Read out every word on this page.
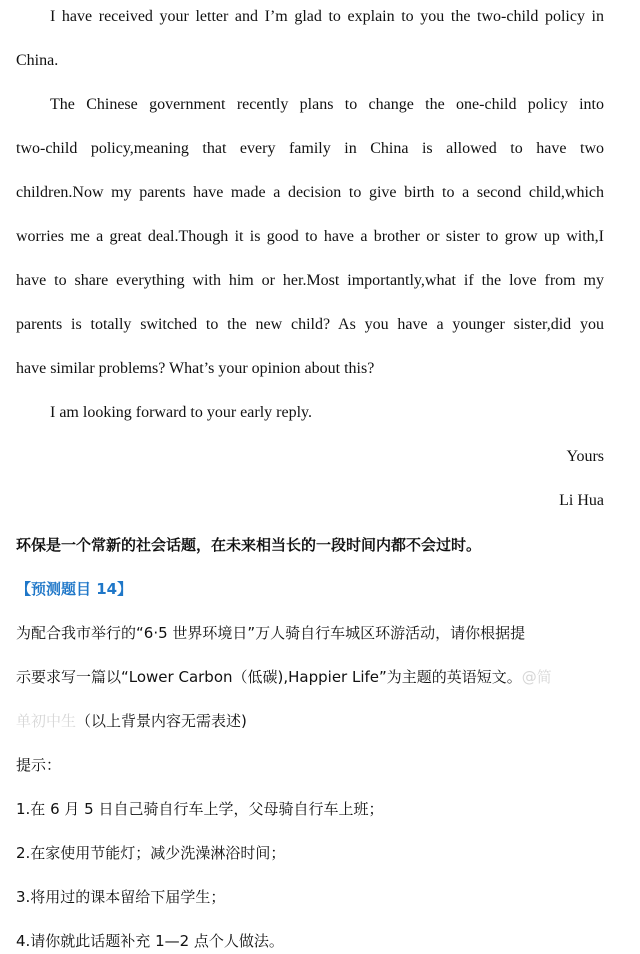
I have received your letter and I’m glad to explain to you the two-child policy in
China.
The Chinese government recently plans to change the one-child policy into
two-child policy,meaning that every family in China is allowed to have two
children.Now my parents have made a decision to give birth to a second child,which
worries me a great deal.Though it is good to have a brother or sister to grow up with,I
have to share everything with him or her.Most importantly,what if the love from my
parents is totally switched to the new child? As you have a younger sister,did you
have similar problems? What’s your opinion about this?
I am looking forward to your early reply.
Yours
Li Hua
环保是一个常新的社会话题，在未来相当长的一段时间内都不会过时。
【预测题目 14】
为配合我市举行的“6·5 世界环境日”万人骑自行车城区环游活动，请你根据提
示要求写一篇以“Lower Carbon（低碳),Happier Life”为主题的英语短文。@简
单初中生（以上背景内容无需表述)
提示：
1.在 6 月 5 日自己骑自行车上学，父母骑自行车上班；
2.在家使用节能灯；减少洗澡淋浴时间；
3.将用过的课本留给下届学生；
4.请你就此话题补充 1—2 点个人做法。
